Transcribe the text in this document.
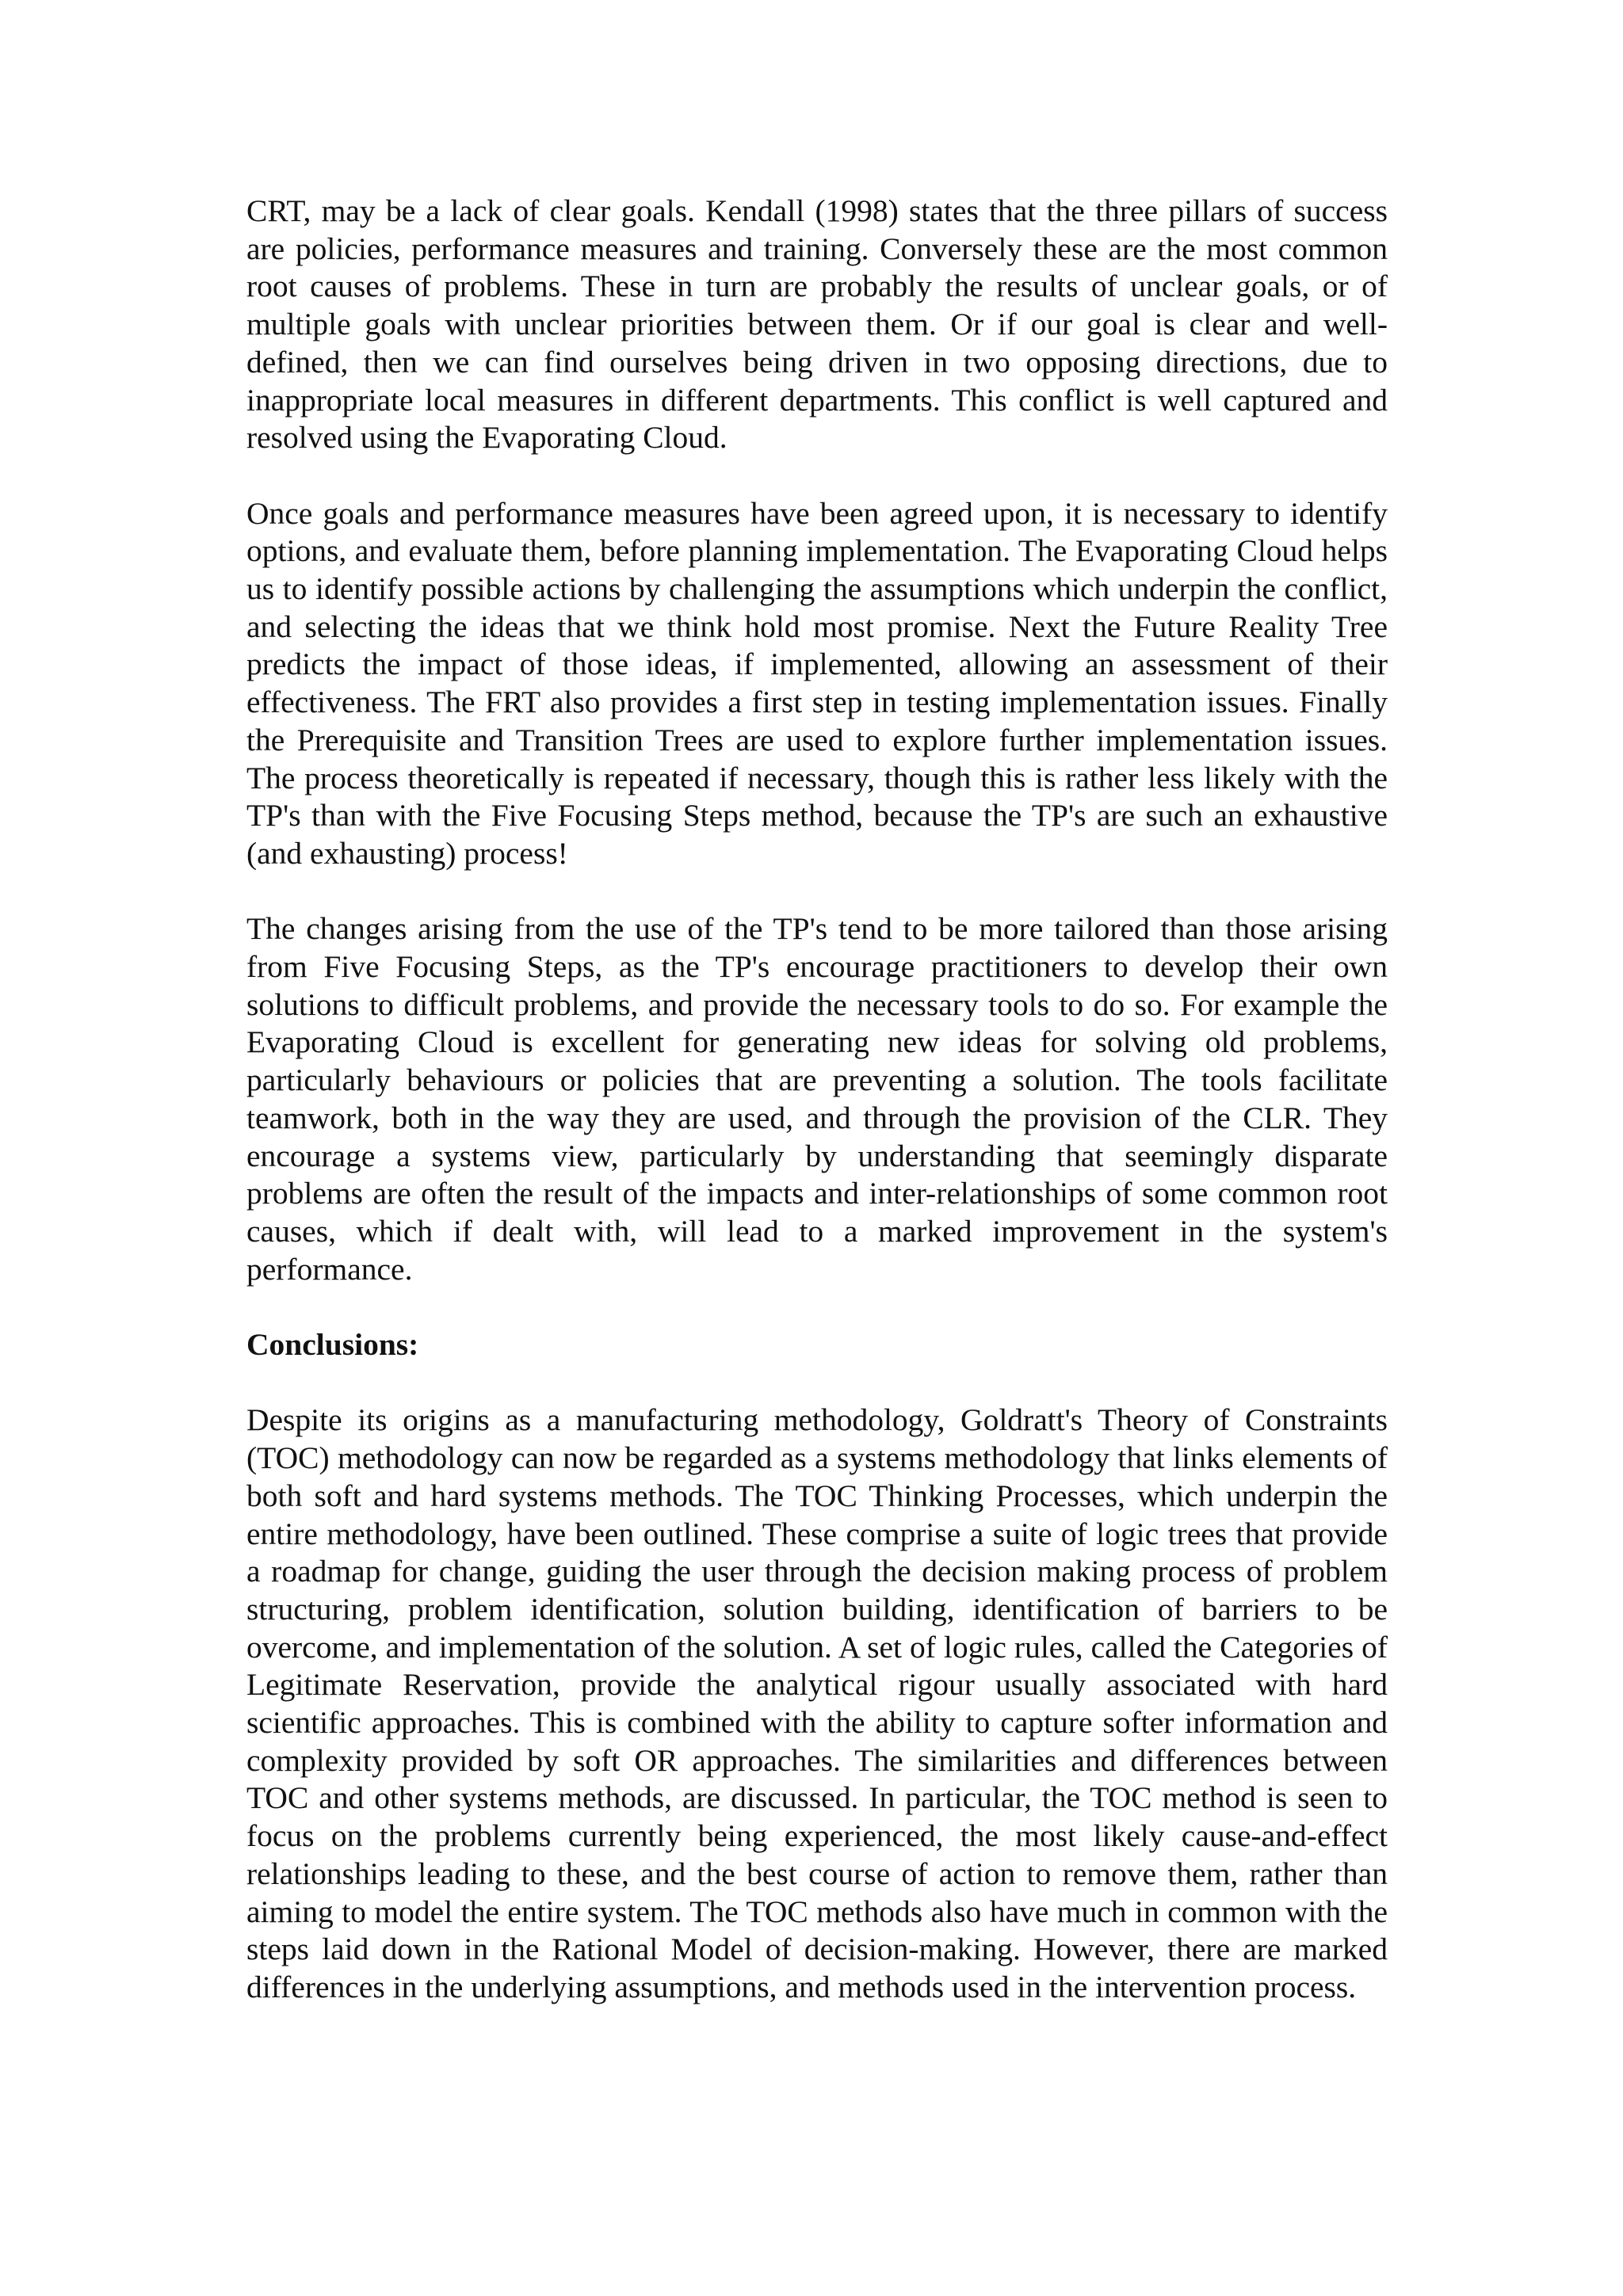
CRT, may be a lack of clear goals. Kendall (1998) states that the three pillars of success are policies, performance measures and training. Conversely these are the most common root causes of problems. These in turn are probably the results of unclear goals, or of multiple goals with unclear priorities between them. Or if our goal is clear and well-defined, then we can find ourselves being driven in two opposing directions, due to inappropriate local measures in different departments. This conflict is well captured and resolved using the Evaporating Cloud.

Once goals and performance measures have been agreed upon, it is necessary to identify options, and evaluate them, before planning implementation. The Evaporating Cloud helps us to identify possible actions by challenging the assumptions which underpin the conflict, and selecting the ideas that we think hold most promise. Next the Future Reality Tree predicts the impact of those ideas, if implemented, allowing an assessment of their effectiveness. The FRT also provides a first step in testing implementation issues. Finally the Prerequisite and Transition Trees are used to explore further implementation issues. The process theoretically is repeated if necessary, though this is rather less likely with the TP's than with the Five Focusing Steps method, because the TP's are such an exhaustive (and exhausting) process!

The changes arising from the use of the TP's tend to be more tailored than those arising from Five Focusing Steps, as the TP's encourage practitioners to develop their own solutions to difficult problems, and provide the necessary tools to do so. For example the Evaporating Cloud is excellent for generating new ideas for solving old problems, particularly behaviours or policies that are preventing a solution. The tools facilitate teamwork, both in the way they are used, and through the provision of the CLR. They encourage a systems view, particularly by understanding that seemingly disparate problems are often the result of the impacts and inter-relationships of some common root causes, which if dealt with, will lead to a marked improvement in the system's performance.

Conclusions:

Despite its origins as a manufacturing methodology, Goldratt's Theory of Constraints (TOC) methodology can now be regarded as a systems methodology that links elements of both soft and hard systems methods. The TOC Thinking Processes, which underpin the entire methodology, have been outlined. These comprise a suite of logic trees that provide a roadmap for change, guiding the user through the decision making process of problem structuring, problem identification, solution building, identification of barriers to be overcome, and implementation of the solution. A set of logic rules, called the Categories of Legitimate Reservation, provide the analytical rigour usually associated with hard scientific approaches. This is combined with the ability to capture softer information and complexity provided by soft OR approaches. The similarities and differences between TOC and other systems methods, are discussed. In particular, the TOC method is seen to focus on the problems currently being experienced, the most likely cause-and-effect relationships leading to these, and the best course of action to remove them, rather than aiming to model the entire system. The TOC methods also have much in common with the steps laid down in the Rational Model of decision-making. However, there are marked differences in the underlying assumptions, and methods used in the intervention process.
